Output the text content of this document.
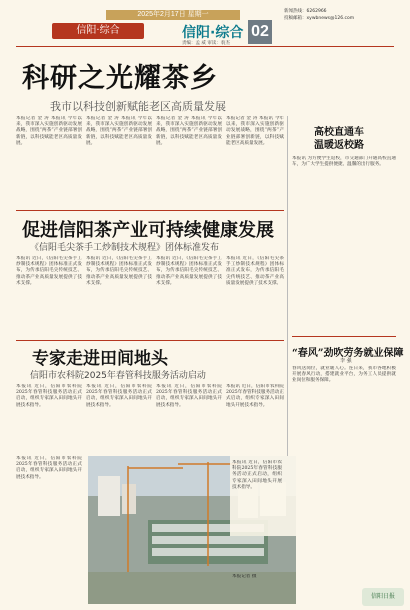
2025年2月17日 星期一
信阳·综合	信阳·综合
责编：孟 威 审读：翁杰
02
新闻热线：6262966
投稿邮箱：xywbnews@126.com
科研之光耀茶乡
我市以科技创新赋能老区高质量发展
本报记者 金 涛 本报讯 今年以来，我市深入实施创新驱动发展战略，围绕“两茶”产业链部署创新链，以科技赋能老区高质量发展。
本报记者 金 涛 本报讯 今年以来，我市深入实施创新驱动发展战略，围绕“两茶”产业链部署创新链，以科技赋能老区高质量发展。
本报记者 金 涛 本报讯 今年以来，我市深入实施创新驱动发展战略，围绕“两茶”产业链部署创新链，以科技赋能老区高质量发展。
本报记者 金 涛 本报讯 今年以来，我市深入实施创新驱动发展战略，围绕“两茶”产业链部署创新链，以科技赋能老区高质量发展。
促进信阳茶产业可持续健康发展
《信阳毛尖茶手工炒制技术规程》团体标准发布
本报讯 近日，《信阳毛尖茶手工炒制技术规程》团体标准正式发布，为传承信阳毛尖传统技艺、推动茶产业高质量发展提供了技术支撑。
本报讯 近日，《信阳毛尖茶手工炒制技术规程》团体标准正式发布，为传承信阳毛尖传统技艺、推动茶产业高质量发展提供了技术支撑。
本报讯 近日，《信阳毛尖茶手工炒制技术规程》团体标准正式发布，为传承信阳毛尖传统技艺、推动茶产业高质量发展提供了技术支撑。
本报讯 近日，《信阳毛尖茶手工炒制技术规程》团体标准正式发布，为传承信阳毛尖传统技艺、推动茶产业高质量发展提供了技术支撑。
专家走进田间地头
信阳市农科院2025年春管科技服务活动启动
本报讯 近日，信阳市农科院2025年春管科技服务活动正式启动，组织专家深入田间地头开展技术指导。
本报讯 近日，信阳市农科院2025年春管科技服务活动正式启动，组织专家深入田间地头开展技术指导。
本报讯 近日，信阳市农科院2025年春管科技服务活动正式启动，组织专家深入田间地头开展技术指导。
本报讯 近日，信阳市农科院2025年春管科技服务活动正式启动，组织专家深入田间地头开展技术指导。
本报讯 近日，信阳市农科院2025年春管科技服务活动正式启动，组织专家深入田间地头开展技术指导。
本报讯 近日，信阳市农科院2025年春管科技服务活动正式启动，组织专家深入田间地头开展技术指导。
本报记者 摄
高校直通车
温暖返校路
本报讯 为方便学生返校，市交通部门开通高校直通车，为广大学生提供便捷、温馨的出行服务。
“春风”劲吹劳务就业保障
李 强
春风送岗位，就业暖人心。连日来，我市各地积极开展春风行动，搭建就业平台，为务工人员提供就业岗位和服务保障。
信阳日报
